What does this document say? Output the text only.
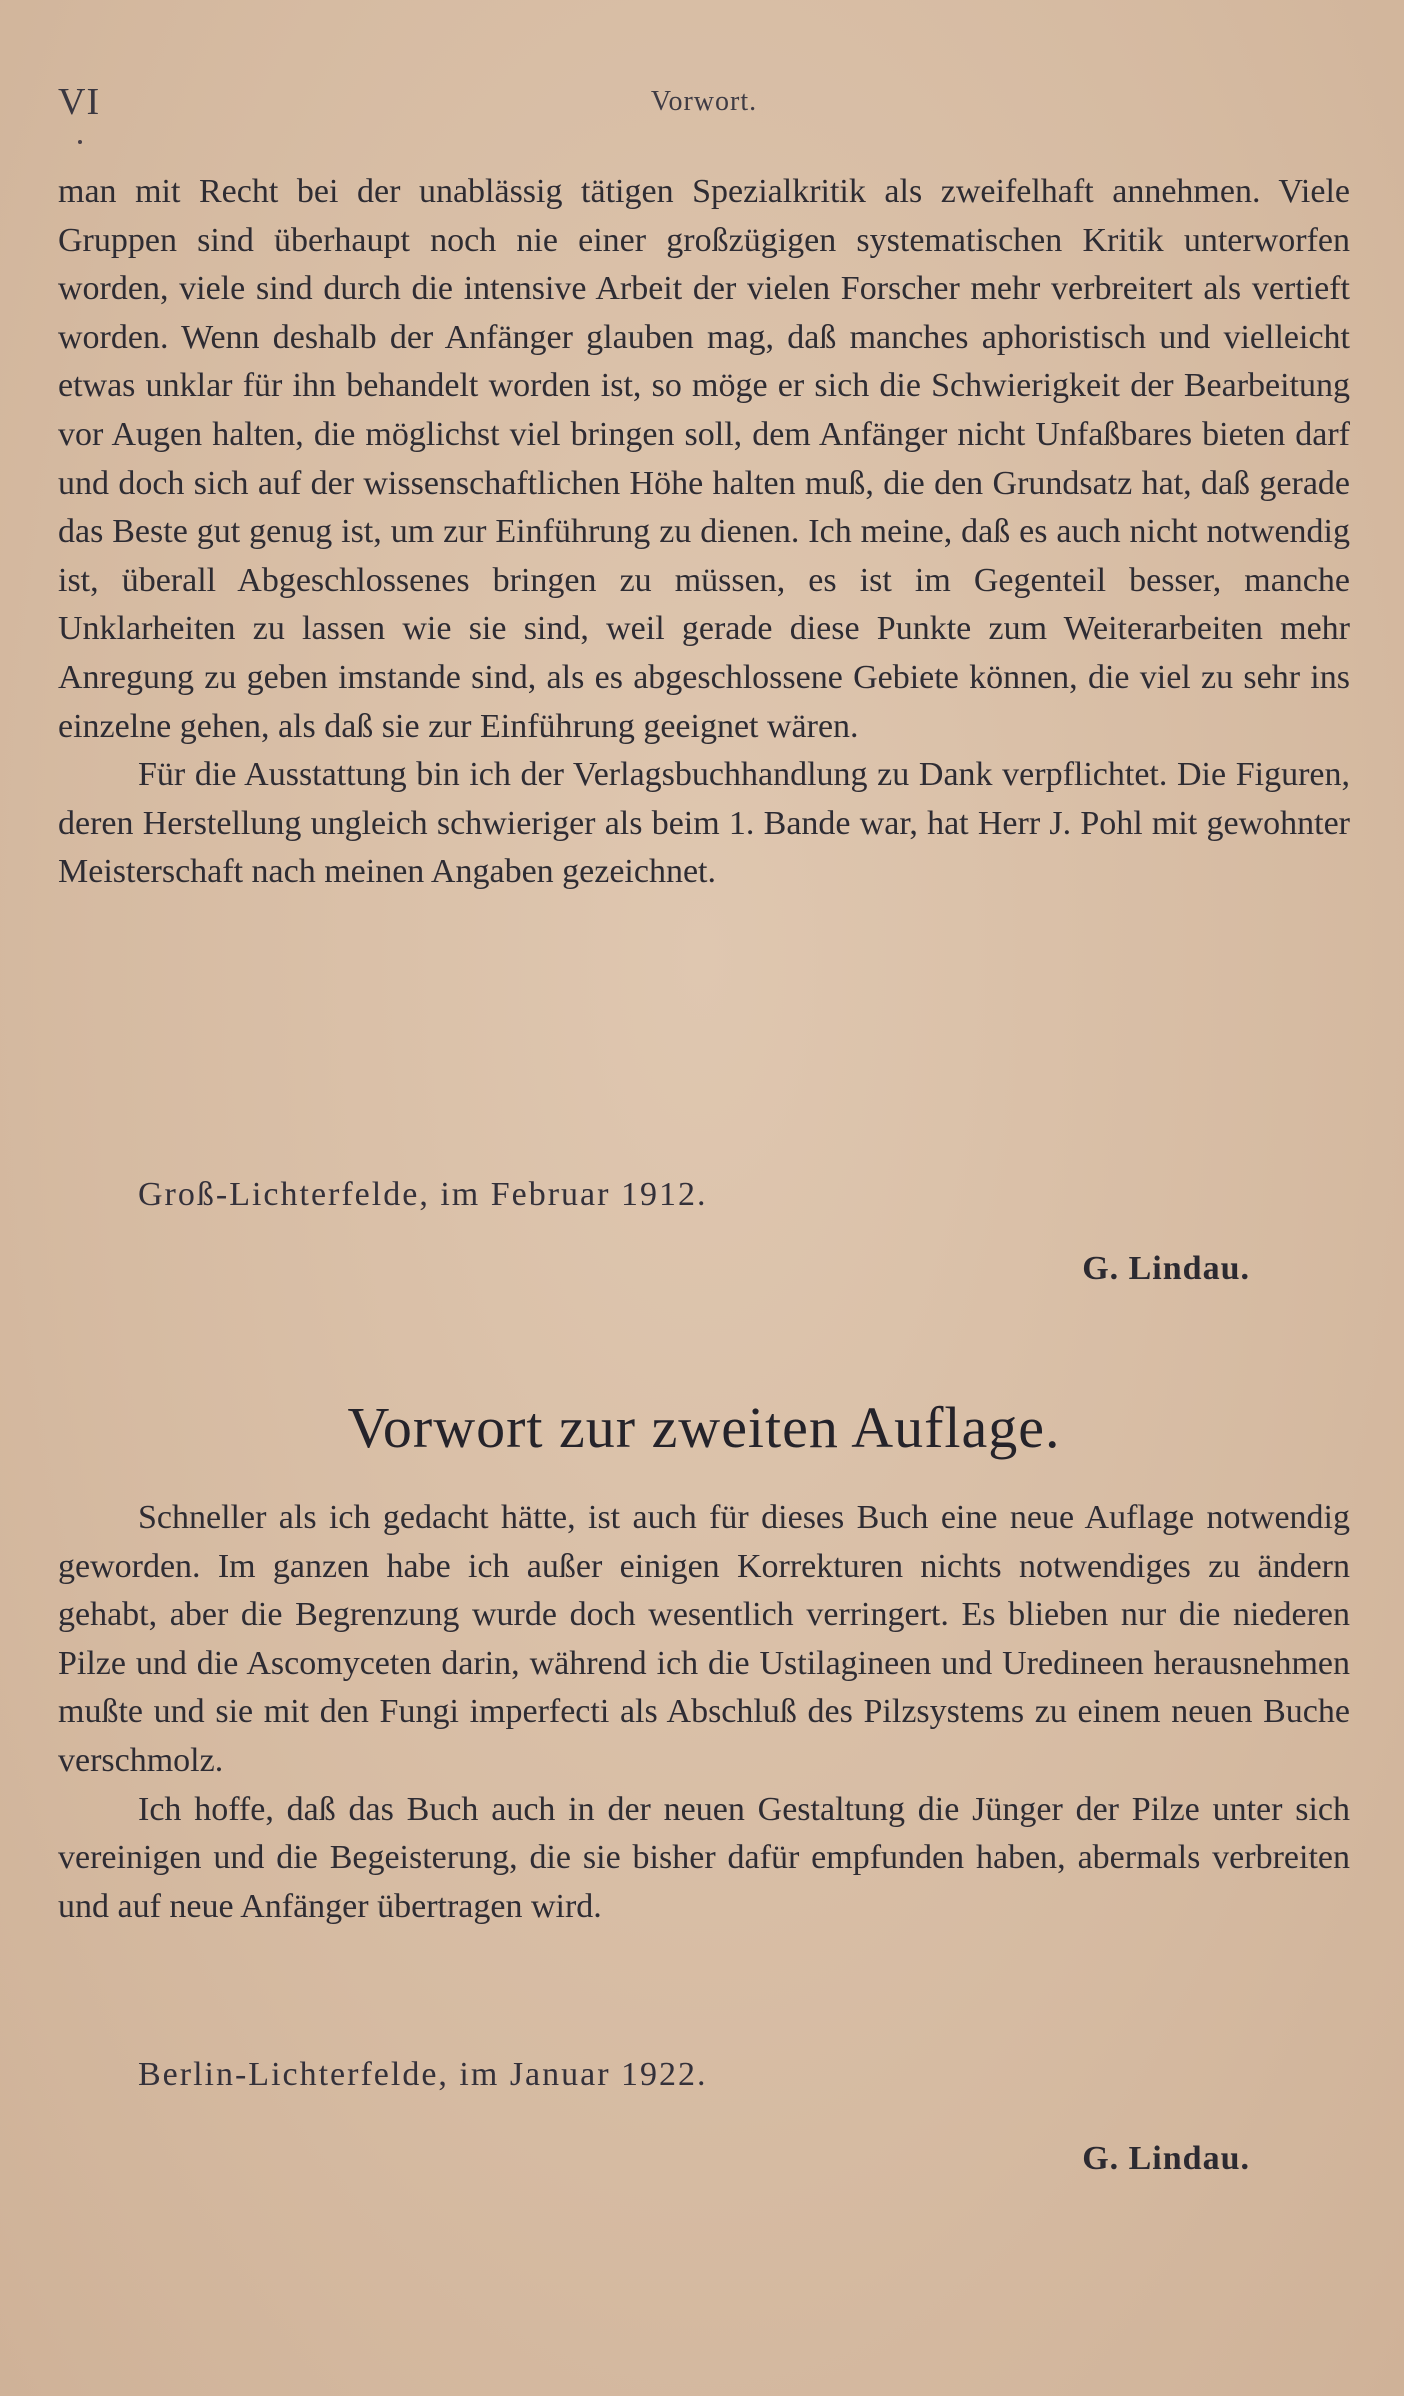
VI	Vorwort.

man mit Recht bei der unablässig tätigen Spezialkritik als zweifelhaft annehmen. Viele Gruppen sind überhaupt noch nie einer großzügigen systematischen Kritik unterworfen worden, viele sind durch die intensive Arbeit der vielen Forscher mehr verbreitert als vertieft worden. Wenn deshalb der Anfänger glauben mag, daß manches aphoristisch und vielleicht etwas unklar für ihn behandelt worden ist, so möge er sich die Schwierigkeit der Bearbeitung vor Augen halten, die möglichst viel bringen soll, dem Anfänger nicht Unfaßbares bieten darf und doch sich auf der wissenschaftlichen Höhe halten muß, die den Grundsatz hat, daß gerade das Beste gut genug ist, um zur Einführung zu dienen. Ich meine, daß es auch nicht notwendig ist, überall Abgeschlossenes bringen zu müssen, es ist im Gegenteil besser, manche Unklarheiten zu lassen wie sie sind, weil gerade diese Punkte zum Weiterarbeiten mehr Anregung zu geben imstande sind, als es abgeschlossene Gebiete können, die viel zu sehr ins einzelne gehen, als daß sie zur Einführung geeignet wären.

Für die Ausstattung bin ich der Verlagsbuchhandlung zu Dank verpflichtet. Die Figuren, deren Herstellung ungleich schwieriger als beim 1. Bande war, hat Herr J. Pohl mit gewohnter Meisterschaft nach meinen Angaben gezeichnet.

Groß-Lichterfelde, im Februar 1912.
G. Lindau.
Vorwort zur zweiten Auflage.

Schneller als ich gedacht hätte, ist auch für dieses Buch eine neue Auflage notwendig geworden. Im ganzen habe ich außer einigen Korrekturen nichts notwendiges zu ändern gehabt, aber die Begrenzung wurde doch wesentlich verringert. Es blieben nur die niederen Pilze und die Ascomyceten darin, während ich die Ustilagineen und Uredineen herausnehmen mußte und sie mit den Fungi imperfecti als Abschluß des Pilzsystems zu einem neuen Buche verschmolz.

Ich hoffe, daß das Buch auch in der neuen Gestaltung die Jünger der Pilze unter sich vereinigen und die Begeisterung, die sie bisher dafür empfunden haben, abermals verbreiten und auf neue Anfänger übertragen wird.

Berlin-Lichterfelde, im Januar 1922.
G. Lindau.
